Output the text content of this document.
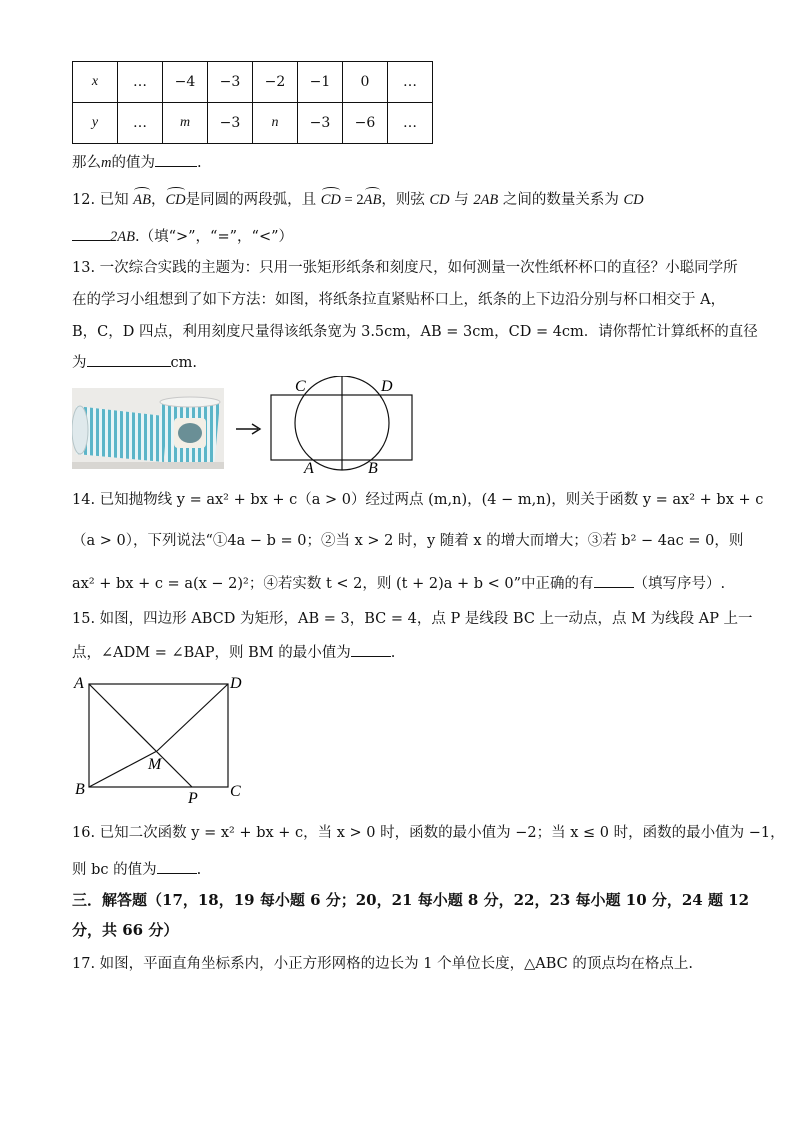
x	…	−4	−3	−2	−1	0	…
y	…	m	−3	n	−3	−6	…
那么m的值为	.
12. 已知 AB，CD是同圆的两段弧，且 CD = 2AB，则弦 CD 与 2AB 之间的数量关系为 CD
2AB.（填“>”，“=”，“<”）
13. 一次综合实践的主题为：只用一张矩形纸条和刻度尺，如何测量一次性纸杯杯口的直径？小聪同学所
在的学习小组想到了如下方法：如图，将纸条拉直紧贴杯口上，纸条的上下边沿分别与杯口相交于 A，
B，C，D 四点，利用刻度尺量得该纸条宽为 3.5cm，AB = 3cm，CD = 4cm．请你帮忙计算纸杯的直径
为	cm.
C	D
A	B
14. 已知抛物线 y = ax² + bx + c（a > 0）经过两点 (m,n)，(4 − m,n)，则关于函数 y = ax² + bx + c
（a > 0），下列说法“①4a − b = 0；②当 x > 2 时，y 随着 x 的增大而增大；③若 b² − 4ac = 0，则
ax² + bx + c = a(x − 2)²；④若实数 t < 2，则 (t + 2)a + b < 0”中正确的有	（填写序号）.
15. 如图，四边形 ABCD 为矩形，AB = 3，BC = 4，点 P 是线段 BC 上一动点，点 M 为线段 AP 上一
点，∠ADM = ∠BAP，则 BM 的最小值为	.
A	D
B	C
M
P
16. 已知二次函数 y = x² + bx + c，当 x > 0 时，函数的最小值为 −2；当 x ≤ 0 时，函数的最小值为 −1，
则 bc 的值为	.
三．解答题（17，18，19 每小题 6 分；20，21 每小题 8 分，22，23 每小题 10 分，24 题 12
分，共 66 分）
17. 如图，平面直角坐标系内，小正方形网格的边长为 1 个单位长度，△ABC 的顶点均在格点上.
